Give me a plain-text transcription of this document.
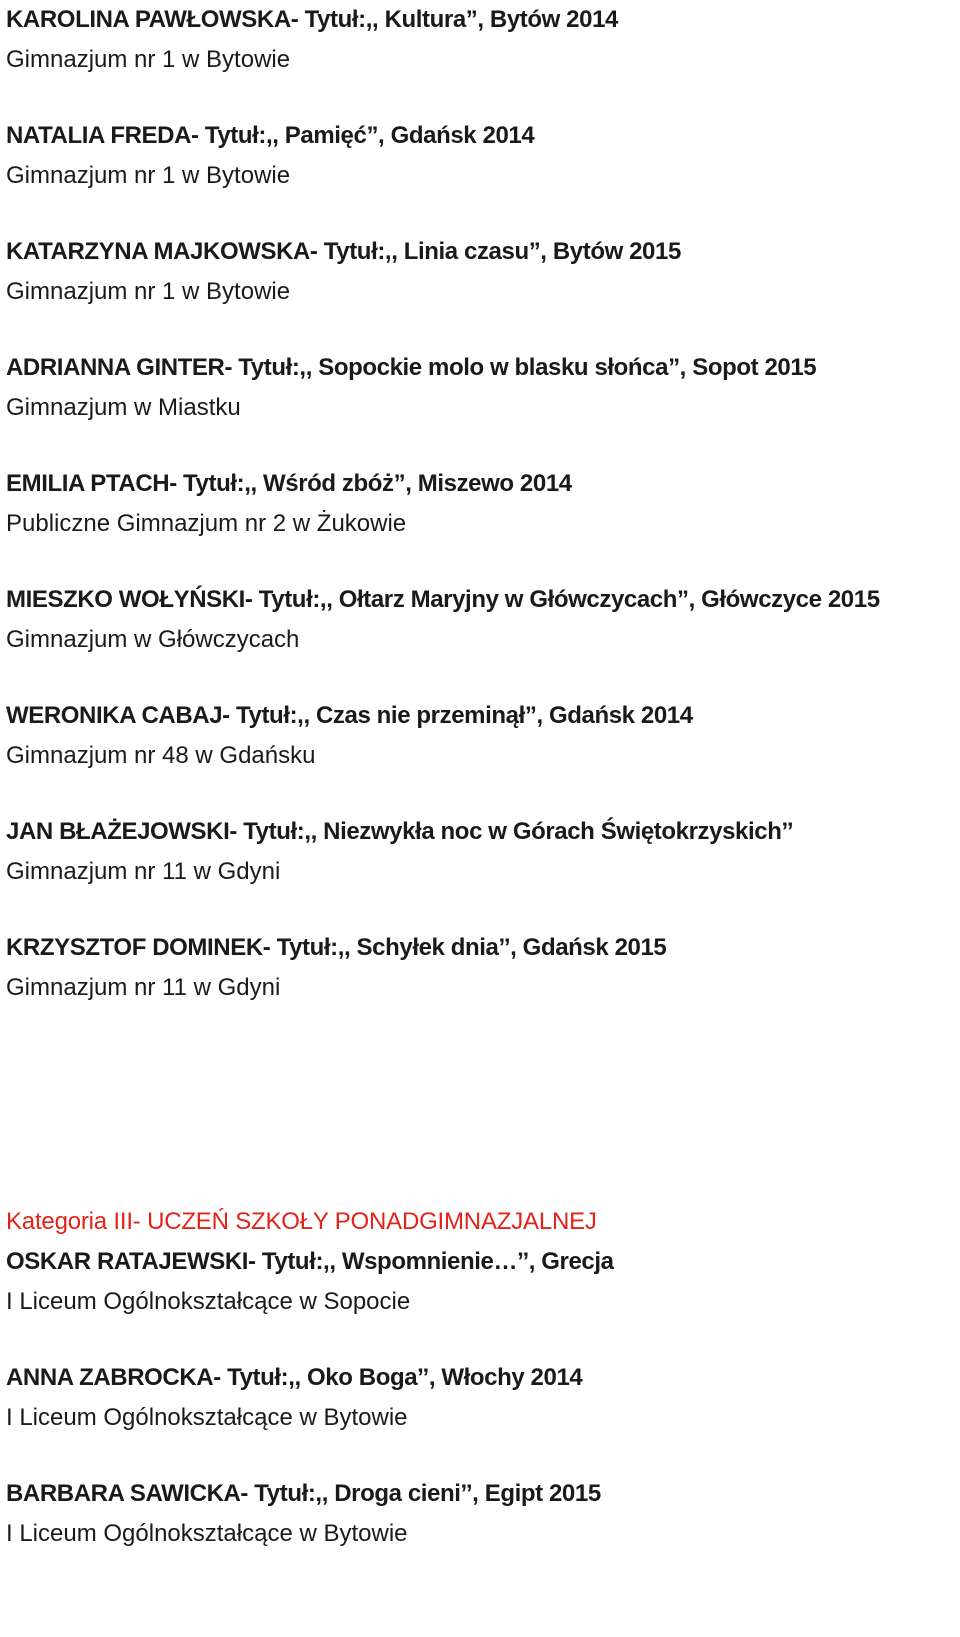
KAROLINA PAWŁOWSKA- Tytuł:,, Kultura”, Bytów 2014
Gimnazjum nr 1 w Bytowie
NATALIA FREDA- Tytuł:,, Pamięć”, Gdańsk 2014
Gimnazjum nr 1 w Bytowie
KATARZYNA MAJKOWSKA- Tytuł:,, Linia czasu”, Bytów 2015
Gimnazjum nr 1 w Bytowie
ADRIANNA GINTER- Tytuł:,, Sopockie molo w blasku słońca”, Sopot 2015
Gimnazjum w Miastku
EMILIA PTACH- Tytuł:,, Wśród zbóż”, Miszewo 2014
Publiczne Gimnazjum nr 2 w Żukowie
MIESZKO WOŁYŃSKI- Tytuł:,, Ołtarz Maryjny w Główczycach”, Główczyce 2015
Gimnazjum w Główczycach
WERONIKA CABAJ- Tytuł:,, Czas nie przeminął”, Gdańsk 2014
Gimnazjum nr 48 w Gdańsku
JAN BŁAŻEJOWSKI- Tytuł:,, Niezwykła noc w Górach Świętokrzyskich’’
Gimnazjum nr 11 w Gdyni
KRZYSZTOF DOMINEK- Tytuł:,, Schyłek dnia’’, Gdańsk 2015
Gimnazjum nr 11 w Gdyni
Kategoria III- UCZEŃ SZKOŁY PONADGIMNAZJALNEJ
OSKAR RATAJEWSKI- Tytuł:,, Wspomnienie…’’, Grecja
I Liceum Ogólnokształcące w Sopocie
ANNA ZABROCKA- Tytuł:,, Oko Boga’’, Włochy 2014
I Liceum Ogólnokształcące w Bytowie
BARBARA SAWICKA- Tytuł:,, Droga cieni’’, Egipt 2015
I Liceum Ogólnokształcące w Bytowie
